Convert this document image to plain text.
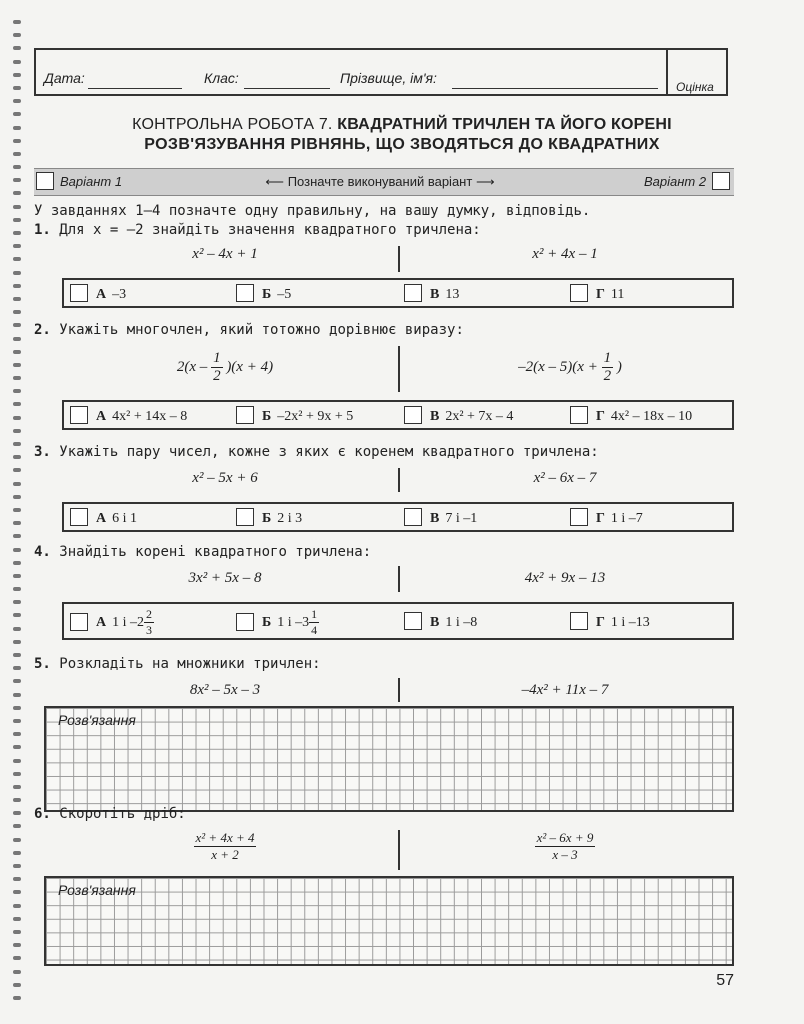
Дата:	Клас:	Прізвище, ім'я:
Оцінка
КОНТРОЛЬНА РОБОТА 7. КВАДРАТНИЙ ТРИЧЛЕН ТА ЙОГО КОРЕНІ
РОЗВ'ЯЗУВАННЯ РІВНЯНЬ, ЩО ЗВОДЯТЬСЯ ДО КВАДРАТНИХ
Варіант 1	⟵ Позначте виконуваний варіант ⟶	Варіант 2
У завданнях 1–4 позначте одну правильну, на вашу думку, відповідь.
1. Для x = –2 знайдіть значення квадратного тричлена:
x² – 4x + 1	x² + 4x – 1
А –3	Б –5	В 13	Г 11
2. Укажіть многочлен, який тотожно дорівнює виразу:
$2(x - \frac{1}{2} )(x + 4)$	$-2(x - 5)(x + \frac{1}{2}$ )
А 4x² + 14x – 8	Б –2x² + 9x + 5	В 2x² + 7x – 4	Г 4x² – 18x – 10
3. Укажіть пару чисел, кожне з яких є коренем квадратного тричлена:
x² – 5x + 6	x² – 6x – 7
А 6 і 1	Б 2 і 3	В 7 і –1	Г 1 і –7
4. Знайдіть корені квадратного тричлена:
3x² + 5x – 8	4x² + 9x – 13
А 1 і $-2 \frac{2}{3}$	Б 1 і $-3 \frac{1}{4}$	В 1 і –8	Г 1 і –13
5. Розкладіть на множники тричлен:
8x² – 5x – 3	–4x² + 11x – 7
Розв'язання
6. Скоротіть дріб:
$\frac{\text{x² + 4x + 4}}{x + 2}$	$\frac{\text{x² – 6x + 9}}{x - 3}$
Розв'язання
57
